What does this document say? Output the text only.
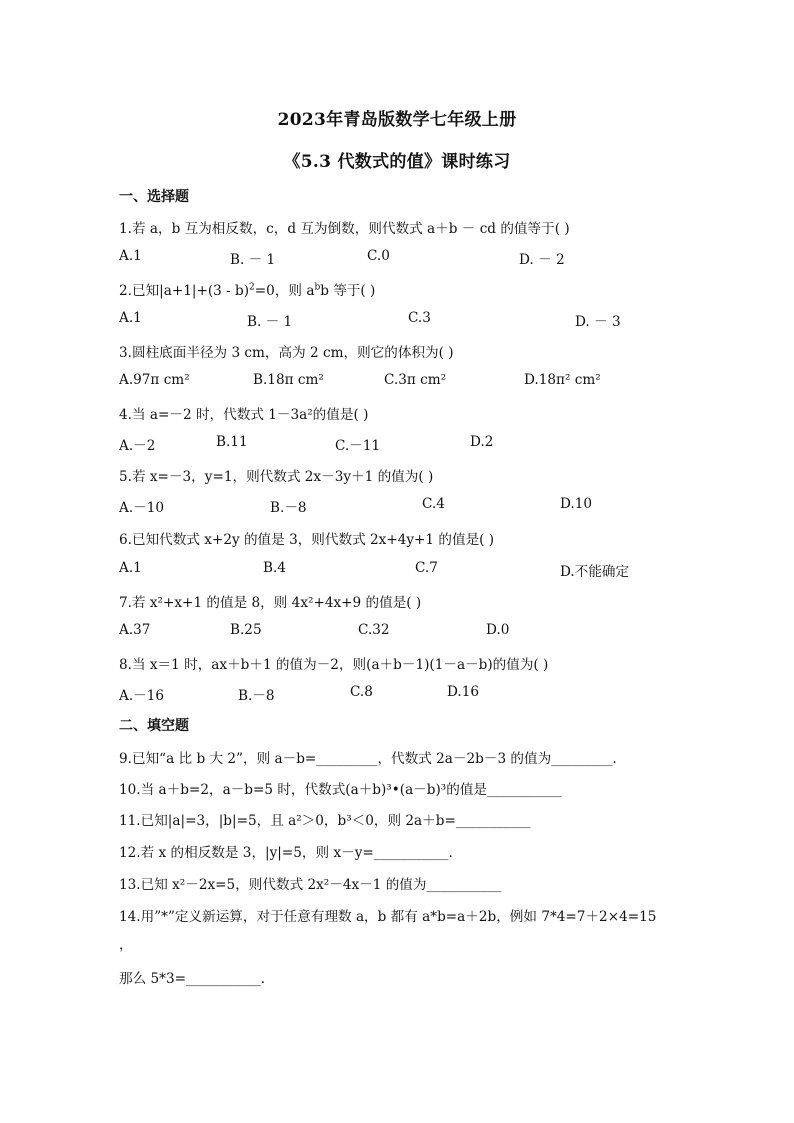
2023年青岛版数学七年级上册
《5.3 代数式的值》课时练习
一、选择题
1.若 a，b 互为相反数，c，d 互为倒数，则代数式 a＋b － cd 的值等于( )
A.1	B. － 1	C.0	D. － 2
2.已知|a+1|+(3 - b)$^2$=0，则 $a^bb$ 等于( )
A.1	B. － 1	C.3	D. － 3
3.圆柱底面半径为 3 cm，高为 2 cm，则它的体积为( )
A.97π cm²	B.18π cm²	C.3π cm²	D.18π² cm²
4.当 a=－2 时，代数式 1－3a²的值是( )
A.－2	B.11	C.－11	D.2
5.若 x=－3，y=1，则代数式 2x－3y＋1 的值为( )
A.－10	B.－8	C.4	D.10
6.已知代数式 x+2y 的值是 3，则代数式 2x+4y+1 的值是( )
A.1	B.4	C.7	D.不能确定
7.若 x²+x+1 的值是 8，则 4x²+4x+9 的值是( )
A.37	B.25	C.32	D.0
8.当 x＝1 时，ax＋b＋1 的值为－2，则(a＋b－1)(1－a－b)的值为( )
A.－16	B.－8	C.8	D.16
二、填空题
9.已知“a 比 b 大 2”，则 a－b=_________，代数式 2a－2b－3 的值为_________.
10.当 a＋b=2，a－b=5 时，代数式(a＋b)³•(a－b)³的值是___________
11.已知|a|=3，|b|=5，且 a²＞0，b³＜0，则 2a＋b=___________
12.若 x 的相反数是 3，|y|=5，则 x－y=___________.
13.已知 x²－2x=5，则代数式 2x²－4x－1 的值为___________
14.用”*”定义新运算，对于任意有理数 a，b 都有 a*b=a＋2b，例如 7*4=7＋2×4=15
，
那么 5*3=___________.
